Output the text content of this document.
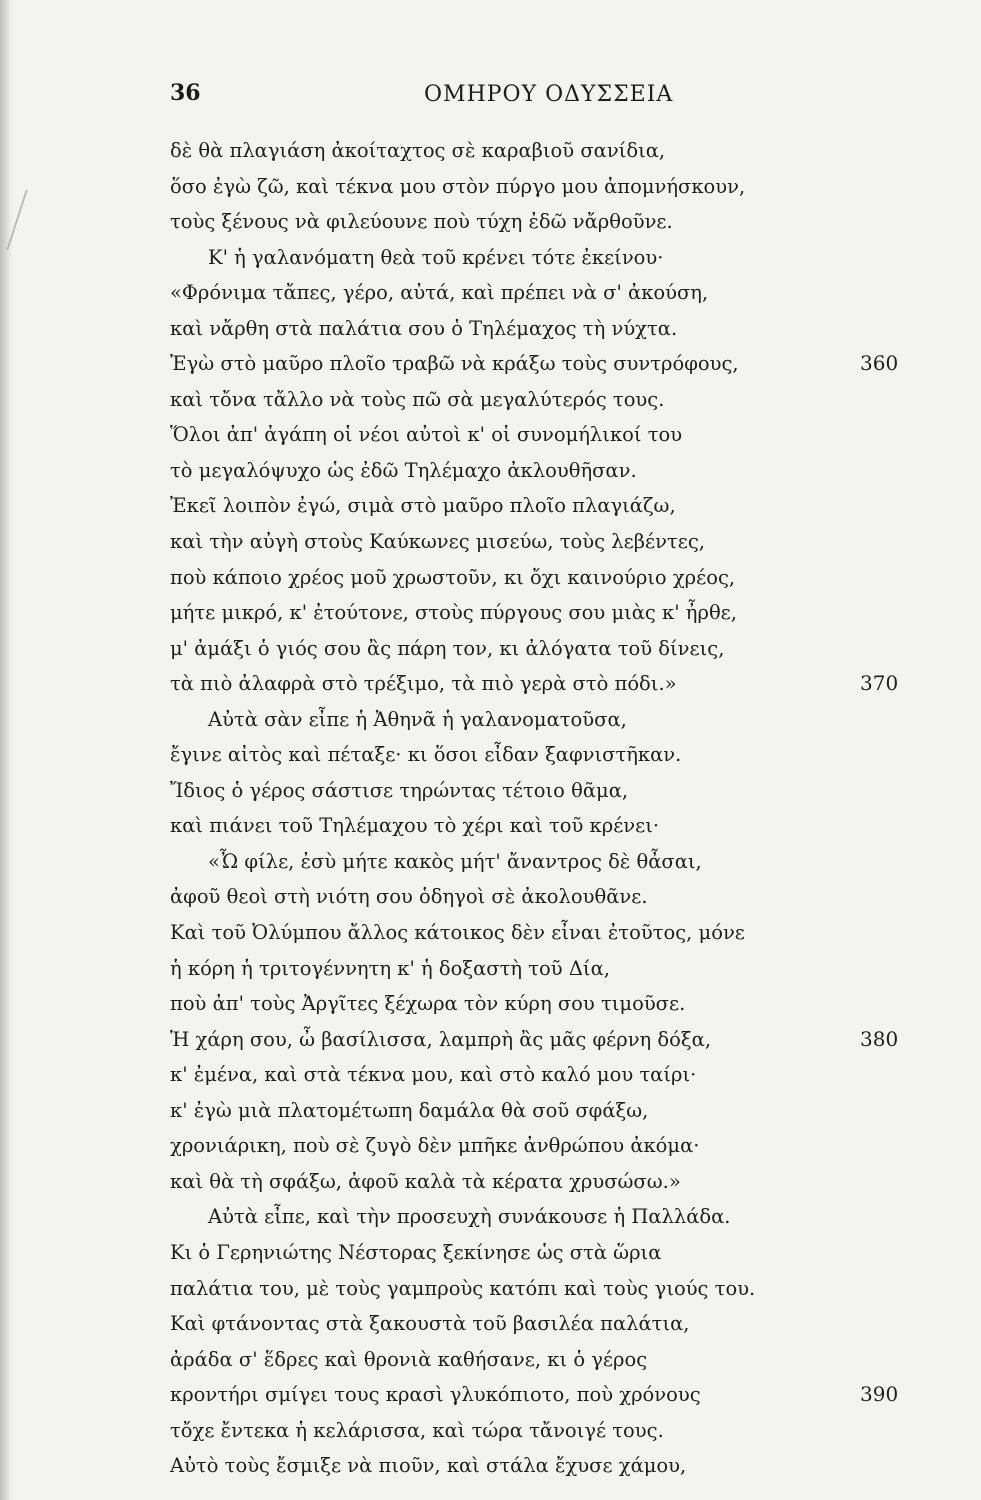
36	ΟΜΗΡΟΥ ΟΔΥΣΣΕΙΑ
δὲ θὰ πλαγιάση ἀκοίταχτος σὲ καραβιοῦ σανίδια,
ὅσο ἐγὼ ζῶ, καὶ τέκνα μου στὸν πύργο μου ἀπομνήσκουν,
τοὺς ξένους νὰ φιλεύουνε ποὺ τύχη ἐδῶ νἄρθοῦνε.
Κ' ἡ γαλανόματη θεὰ τοῦ κρένει τότε ἐκείνου·
«Φρόνιμα τἄπες, γέρο, αὐτά, καὶ πρέπει νὰ σ' ἀκούση,
καὶ νἄρθη στὰ παλάτια σου ὁ Τηλέμαχος τὴ νύχτα.
Ἐγὼ στὸ μαῦρο πλοῖο τραβῶ νὰ κράξω τοὺς συντρόφους,	360
καὶ τὄνα τἄλλο νὰ τοὺς πῶ σὰ μεγαλύτερός τους.
Ὅλοι ἀπ' ἀγάπη οἱ νέοι αὐτοὶ κ' οἱ συνομήλικοί του
τὸ μεγαλόψυχο ὡς ἐδῶ Τηλέμαχο ἀκλουθῆσαν.
Ἐκεῖ λοιπὸν ἐγώ, σιμὰ στὸ μαῦρο πλοῖο πλαγιάζω,
καὶ τὴν αὐγὴ στοὺς Καύκωνες μισεύω, τοὺς λεβέντες,
ποὺ κάποιο χρέος μοῦ χρωστοῦν, κι ὄχι καινούριο χρέος,
μήτε μικρό, κ' ἐτούτονε, στοὺς πύργους σου μιὰς κ' ἦρθε,
μ' ἀμάξι ὁ γιός σου ἂς πάρη τον, κι ἀλόγατα τοῦ δίνεις,
τὰ πιὸ ἀλαφρὰ στὸ τρέξιμο, τὰ πιὸ γερὰ στὸ πόδι.»	370
Αὐτὰ σὰν εἶπε ἡ Ἀθηνᾶ ἡ γαλανοματοῦσα,
ἔγινε αἰτὸς καὶ πέταξε· κι ὅσοι εἶδαν ξαφνιστῆκαν.
Ἴδιος ὁ γέρος σάστισε τηρώντας τέτοιο θᾶμα,
καὶ πιάνει τοῦ Τηλέμαχου τὸ χέρι καὶ τοῦ κρένει·
«Ὦ φίλε, ἐσὺ μήτε κακὸς μήτ' ἄναντρος δὲ θἆσαι,
ἀφοῦ θεοὶ στὴ νιότη σου ὁδηγοὶ σὲ ἀκολουθᾶνε.
Καὶ τοῦ Ὀλύμπου ἄλλος κάτοικος δὲν εἶναι ἐτοῦτος, μόνε
ἡ κόρη ἡ τριτογέννητη κ' ἡ δοξαστὴ τοῦ Δία,
ποὺ ἀπ' τοὺς Ἀργῖτες ξέχωρα τὸν κύρη σου τιμοῦσε.
Ἡ χάρη σου, ὦ βασίλισσα, λαμπρὴ ἂς μᾶς φέρνη δόξα,	380
κ' ἐμένα, καὶ στὰ τέκνα μου, καὶ στὸ καλό μου ταίρι·
κ' ἐγὼ μιὰ πλατομέτωπη δαμάλα θὰ σοῦ σφάξω,
χρονιάρικη, ποὺ σὲ ζυγὸ δὲν μπῆκε ἀνθρώπου ἀκόμα·
καὶ θὰ τὴ σφάξω, ἀφοῦ καλὰ τὰ κέρατα χρυσώσω.»
Αὐτὰ εἶπε, καὶ τὴν προσευχὴ συνάκουσε ἡ Παλλάδα.
Κι ὁ Γερηνιώτης Νέστορας ξεκίνησε ὡς στὰ ὥρια
παλάτια του, μὲ τοὺς γαμπροὺς κατόπι καὶ τοὺς γιούς του.
Καὶ φτάνοντας στὰ ξακουστὰ τοῦ βασιλέα παλάτια,
ἀράδα σ' ἕδρες καὶ θρονιὰ καθήσανε, κι ὁ γέρος
κροντήρι σμίγει τους κρασὶ γλυκόπιοτο, ποὺ χρόνους	390
τὄχε ἔντεκα ἡ κελάρισσα, καὶ τώρα τἄνοιγέ τους.
Αὐτὸ τοὺς ἔσμιξε νὰ πιοῦν, καὶ στάλα ἔχυσε χάμου,
